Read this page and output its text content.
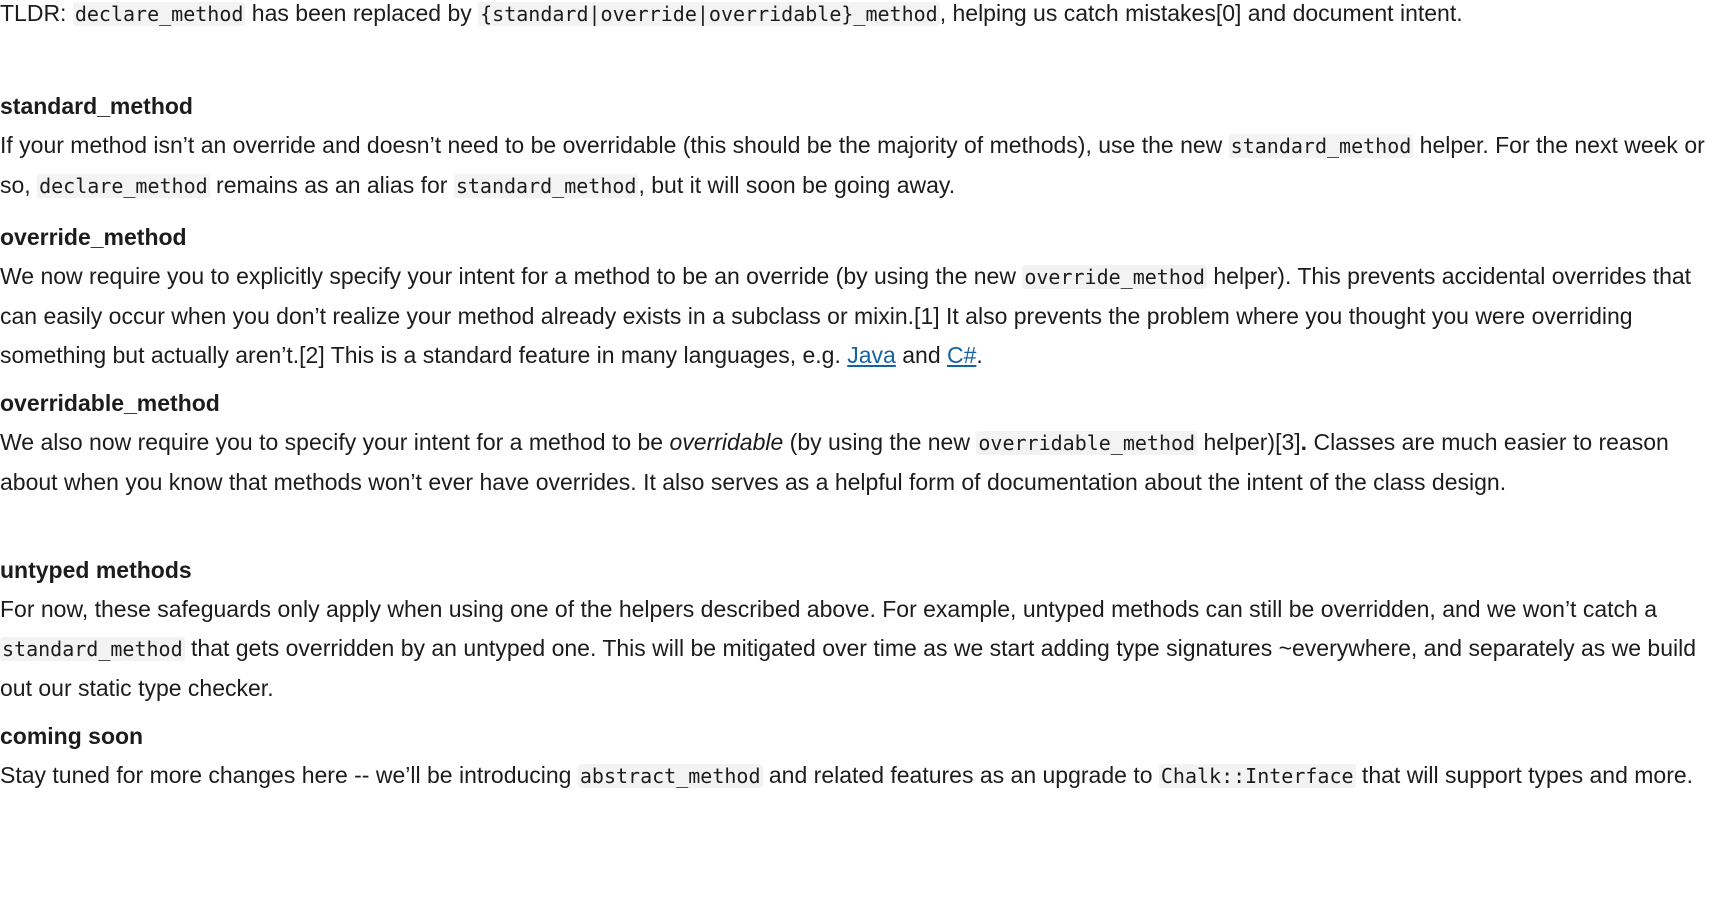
TLDR: declare_method has been replaced by {standard|override|overridable}_method, helping us catch mistakes[0] and document intent.

standard_method

If your method isn’t an override and doesn’t need to be overridable (this should be the majority of methods), use the new standard_method helper. For the next week or so, declare_method remains as an alias for standard_method, but it will soon be going away.

override_method

We now require you to explicitly specify your intent for a method to be an override (by using the new override_method helper). This prevents accidental overrides that can easily occur when you don’t realize your method already exists in a subclass or mixin.[1] It also prevents the problem where you thought you were overriding something but actually aren’t.[2] This is a standard feature in many languages, e.g. Java and C#.

overridable_method

We also now require you to specify your intent for a method to be overridable (by using the new overridable_method helper)[3]. Classes are much easier to reason about when you know that methods won’t ever have overrides. It also serves as a helpful form of documentation about the intent of the class design.

untyped methods

For now, these safeguards only apply when using one of the helpers described above. For example, untyped methods can still be overridden, and we won’t catch a standard_method that gets overridden by an untyped one. This will be mitigated over time as we start adding type signatures ~everywhere, and separately as we build out our static type checker.

coming soon

Stay tuned for more changes here -- we’ll be introducing abstract_method and related features as an upgrade to Chalk::Interface that will support types and more.
